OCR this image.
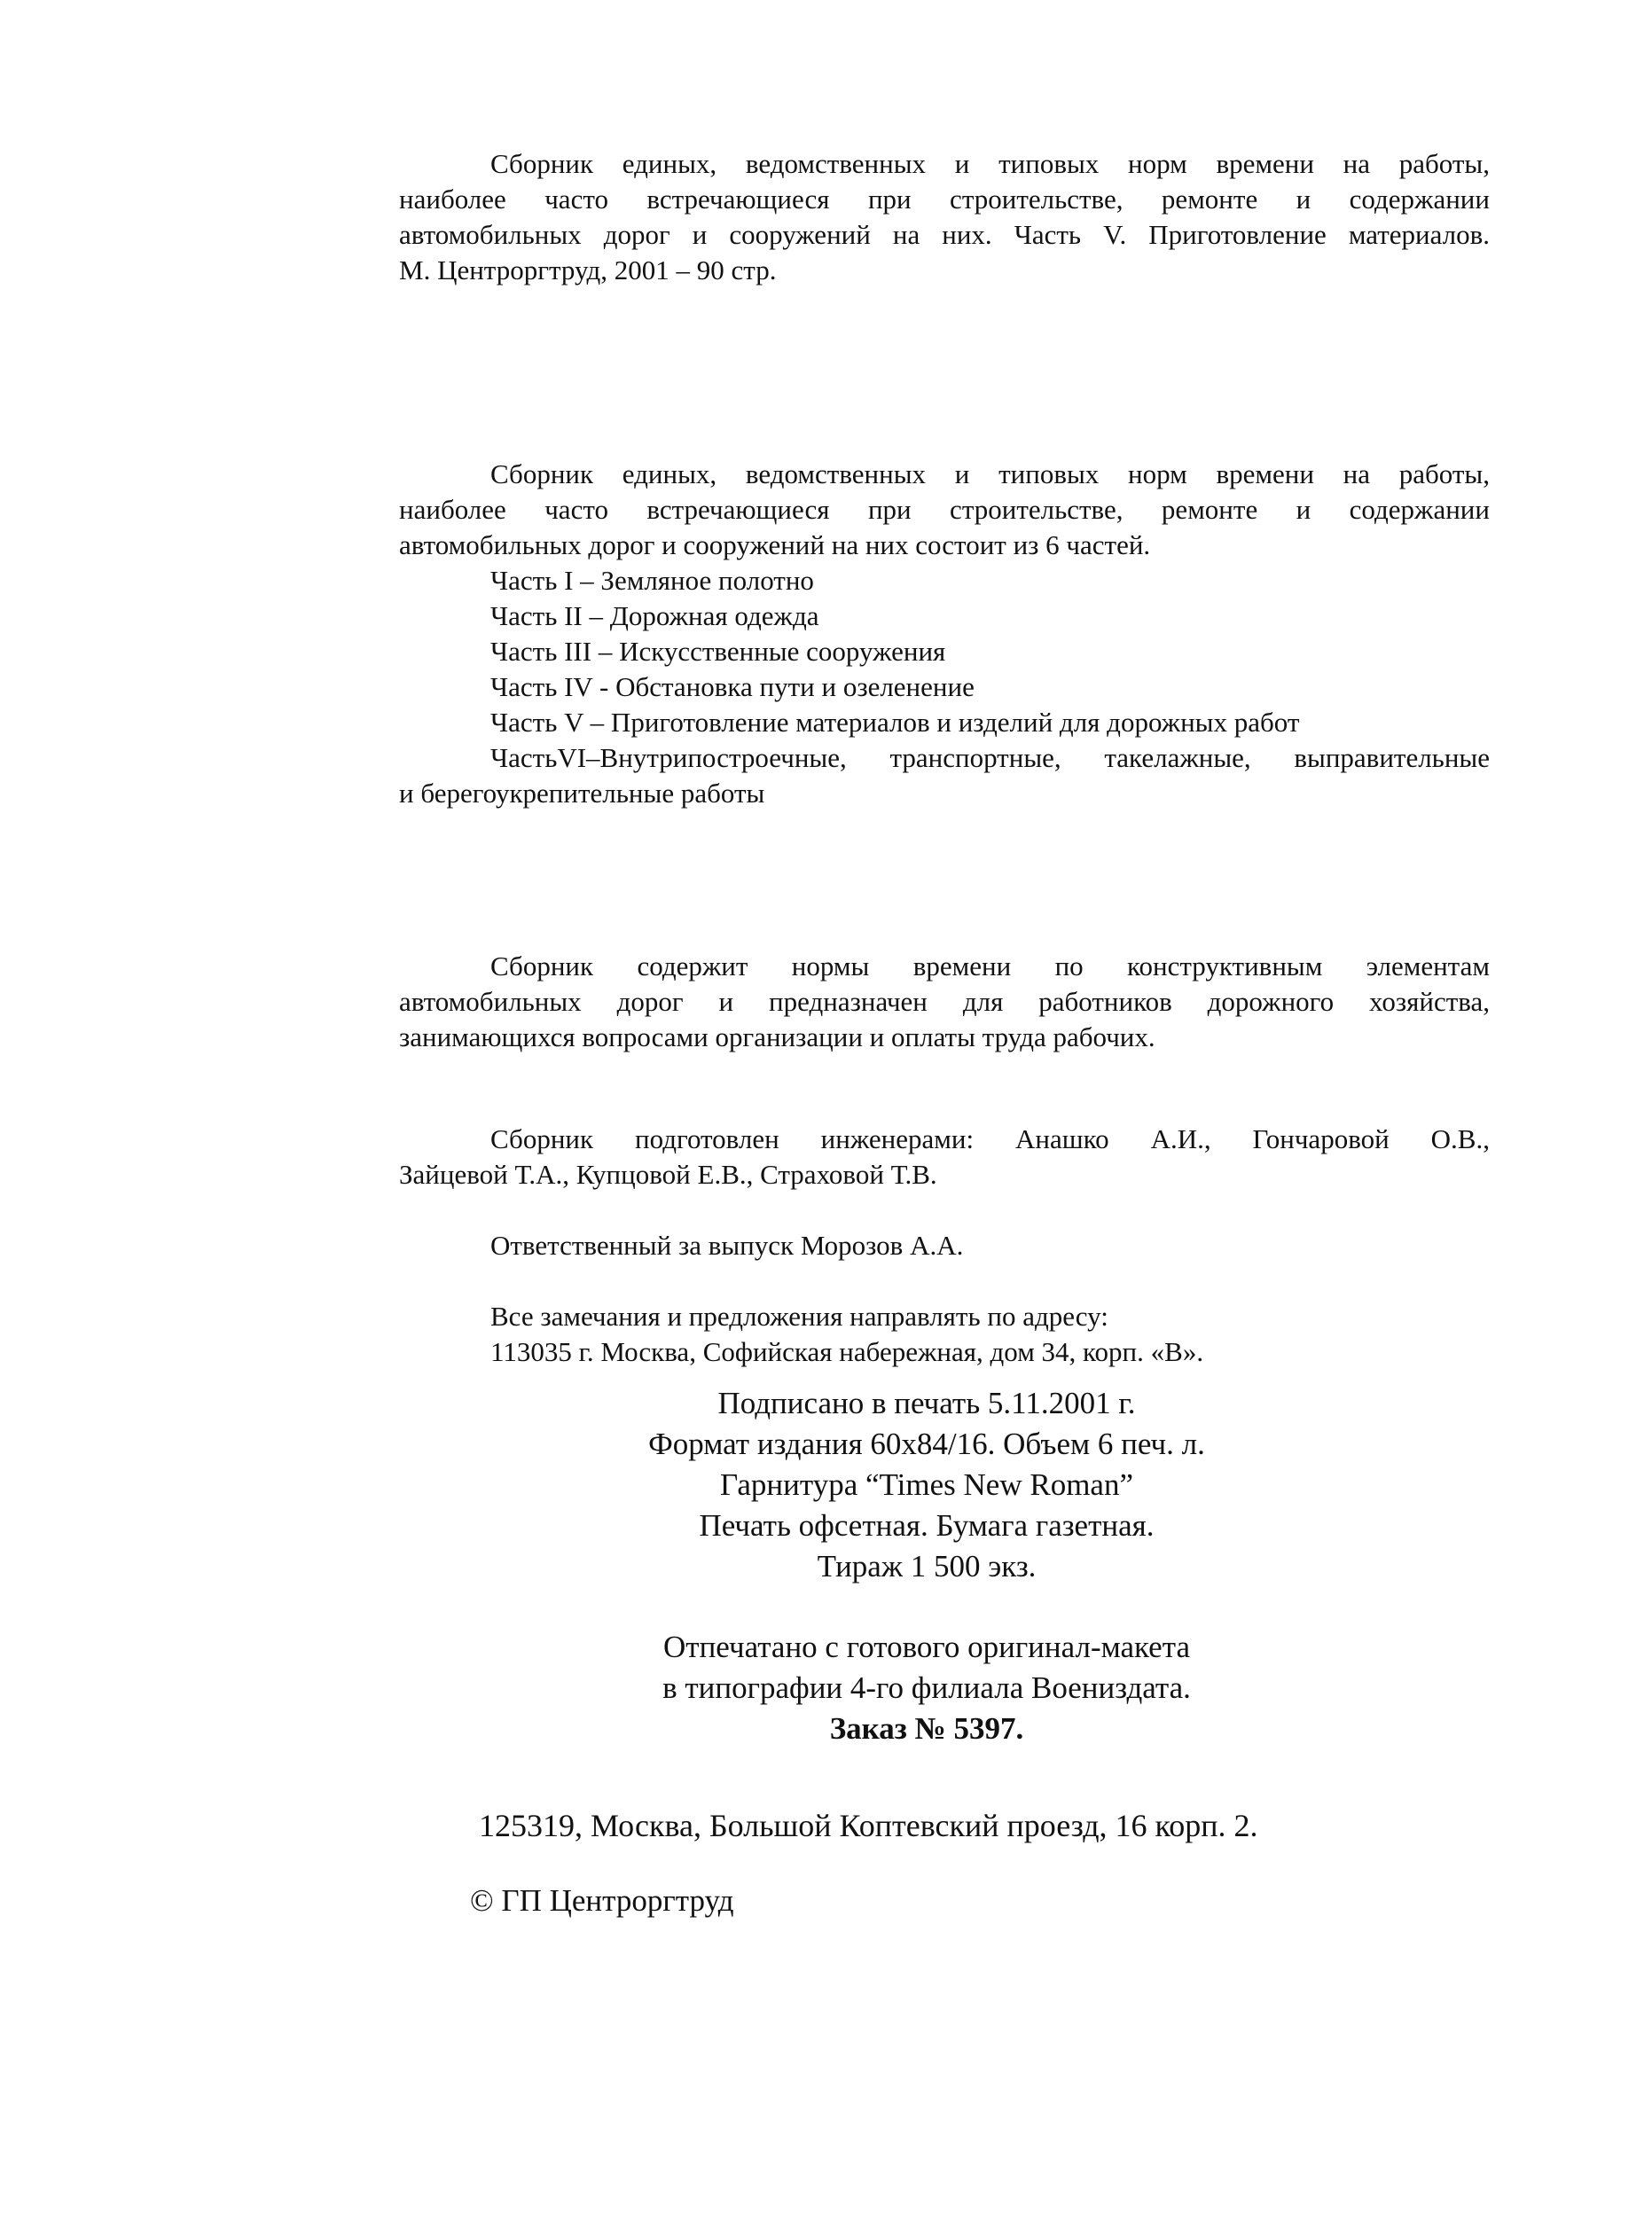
Сборник единых, ведомственных и типовых норм времени на работы,
наиболее часто встречающиеся при строительстве, ремонте и содержании
автомобильных дорог и сооружений на них. Часть V. Приготовление материалов.
М. Центроргтруд, 2001 – 90 стр.
Сборник единых, ведомственных и типовых норм времени на работы,
наиболее часто встречающиеся при строительстве, ремонте и содержании
автомобильных дорог и сооружений на них состоит из 6 частей.
Часть I – Земляное полотно
Часть II – Дорожная одежда
Часть III – Искусственные сооружения
Часть IV - Обстановка пути и озеленение
Часть V – Приготовление материалов и изделий для дорожных работ
ЧастьVI–Внутрипостроечные, транспортные, такелажные, выправительные
и берегоукрепительные работы
Сборник содержит нормы времени по конструктивным элементам
автомобильных дорог и предназначен для работников дорожного хозяйства,
занимающихся вопросами организации и оплаты труда рабочих.
Сборник подготовлен инженерами: Анашко А.И., Гончаровой О.В.,
Зайцевой Т.А., Купцовой Е.В., Страховой Т.В.
Ответственный за выпуск Морозов А.А.
Все замечания и предложения направлять по адресу:
113035 г. Москва, Софийская набережная, дом 34, корп. «В».
Подписано в печать 5.11.2001 г.
Формат издания 60x84/16. Объем 6 печ. л.
Гарнитура “Times New Roman”
Печать офсетная. Бумага газетная.
Тираж 1 500 экз.
Отпечатано с готового оригинал-макета
в типографии 4-го филиала Воениздата.
Заказ № 5397.
125319, Москва, Большой Коптевский проезд, 16 корп. 2.
© ГП Центроргтруд
